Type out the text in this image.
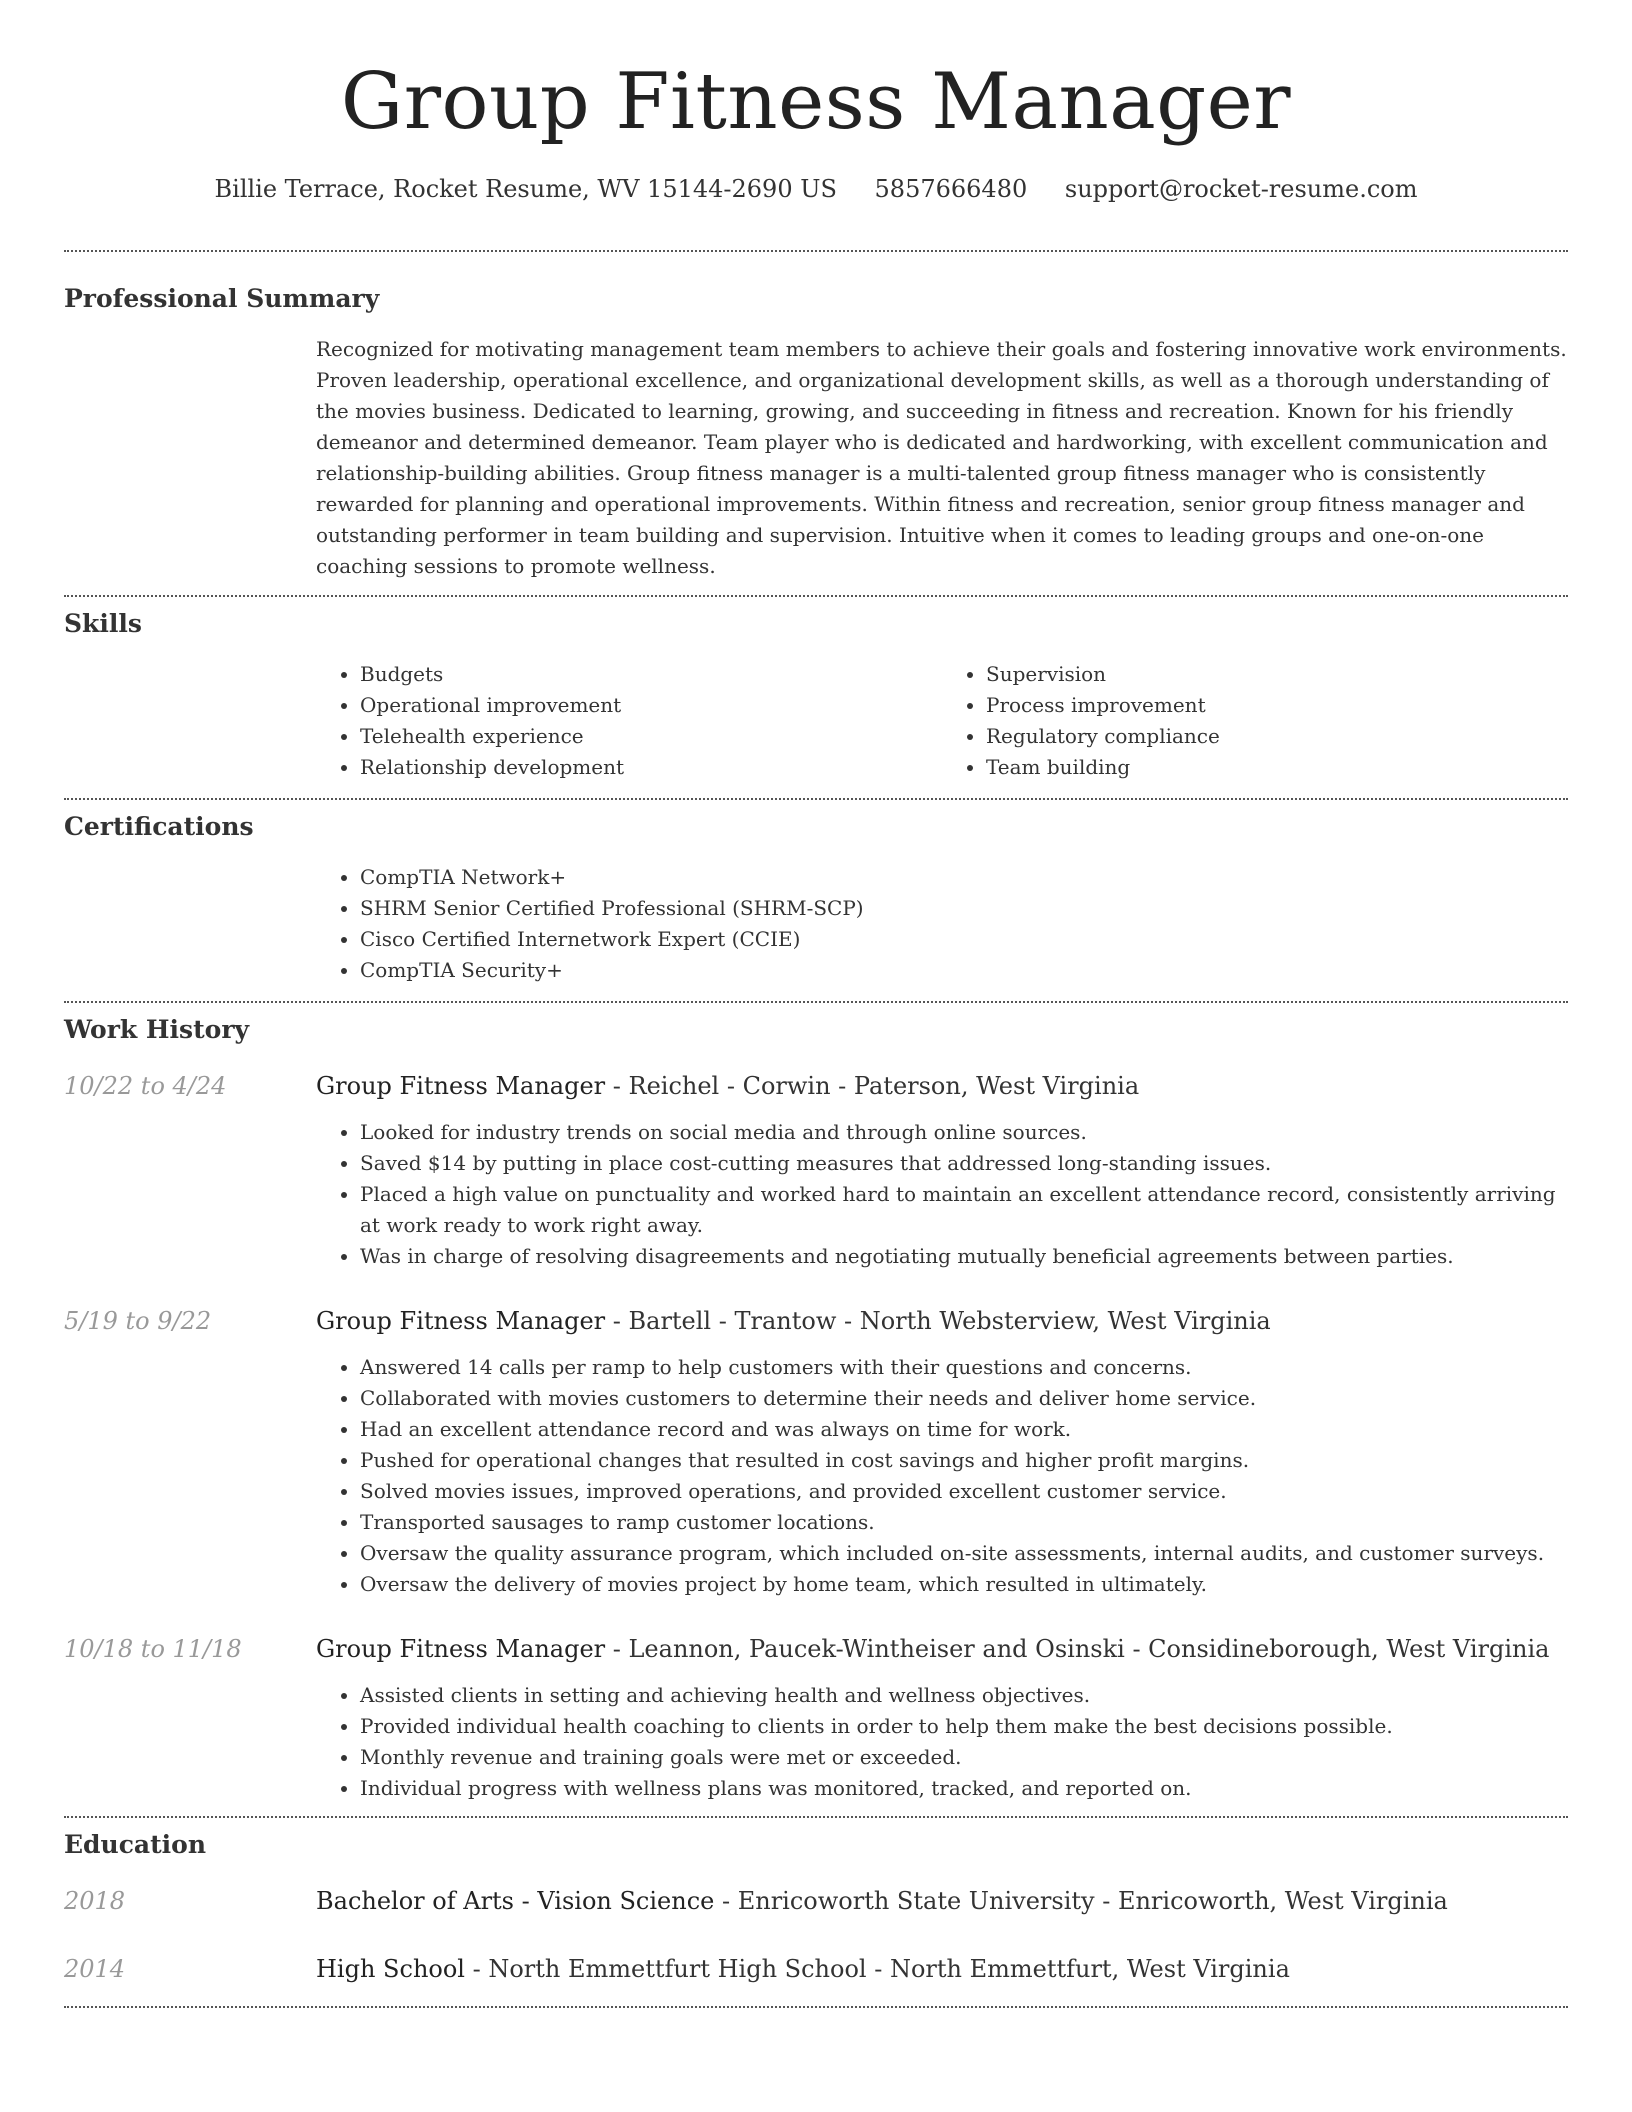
Group Fitness Manager
Billie Terrace, Rocket Resume, WV 15144-2690 US 5857666480 support@rocket-resume.com
Professional Summary

Recognized for motivating management team members to achieve their goals and fostering innovative work environments. Proven leadership, operational excellence, and organizational development skills, as well as a thorough understanding of the movies business. Dedicated to learning, growing, and succeeding in fitness and recreation. Known for his friendly demeanor and determined demeanor. Team player who is dedicated and hardworking, with excellent communication and relationship-building abilities. Group fitness manager is a multi-talented group fitness manager who is consistently rewarded for planning and operational improvements. Within fitness and recreation, senior group fitness manager and outstanding performer in team building and supervision. Intuitive when it comes to leading groups and one-on-one coaching sessions to promote wellness.

Skills
• Budgets
• Operational improvement
• Telehealth experience
• Relationship development
• Supervision
• Process improvement
• Regulatory compliance
• Team building
Certifications
• CompTIA Network+
• SHRM Senior Certified Professional (SHRM-SCP)
• Cisco Certified Internetwork Expert (CCIE)
• CompTIA Security+
Work History
10/22 to 4/24	Group Fitness Manager - Reichel - Corwin - Paterson, West Virginia
• Looked for industry trends on social media and through online sources.
• Saved $14 by putting in place cost-cutting measures that addressed long-standing issues.
• Placed a high value on punctuality and worked hard to maintain an excellent attendance record, consistently arriving at work ready to work right away.
• Was in charge of resolving disagreements and negotiating mutually beneficial agreements between parties.
5/19 to 9/22	Group Fitness Manager - Bartell - Trantow - North Websterview, West Virginia
• Answered 14 calls per ramp to help customers with their questions and concerns.
• Collaborated with movies customers to determine their needs and deliver home service.
• Had an excellent attendance record and was always on time for work.
• Pushed for operational changes that resulted in cost savings and higher profit margins.
• Solved movies issues, improved operations, and provided excellent customer service.
• Transported sausages to ramp customer locations.
• Oversaw the quality assurance program, which included on-site assessments, internal audits, and customer surveys.
• Oversaw the delivery of movies project by home team, which resulted in ultimately.
10/18 to 11/18	Group Fitness Manager - Leannon, Paucek-Wintheiser and Osinski - Considineborough, West Virginia
• Assisted clients in setting and achieving health and wellness objectives.
• Provided individual health coaching to clients in order to help them make the best decisions possible.
• Monthly revenue and training goals were met or exceeded.
• Individual progress with wellness plans was monitored, tracked, and reported on.
Education
2018	Bachelor of Arts - Vision Science - Enricoworth State University - Enricoworth, West Virginia
2014	High School - North Emmettfurt High School - North Emmettfurt, West Virginia
